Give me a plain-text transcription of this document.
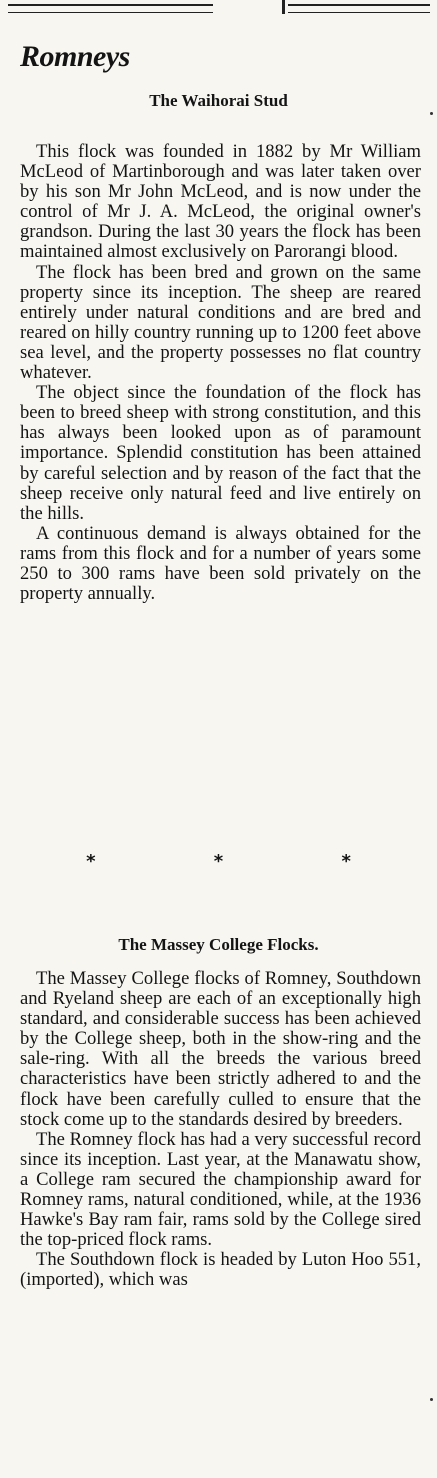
Romneys
The Waihorai Stud

This flock was founded in 1882 by Mr William McLeod of Martinborough and was later taken over by his son Mr John McLeod, and is now under the control of Mr J. A. McLeod, the original owner's grandson. During the last 30 years the flock has been maintained almost exclusively on Parorangi blood.

The flock has been bred and grown on the same property since its inception. The sheep are reared entirely under natural conditions and are bred and reared on hilly country running up to 1200 feet above sea level, and the property possesses no flat country whatever.

The object since the foundation of the flock has been to breed sheep with strong constitution, and this has always been looked upon as of paramount importance. Splendid constitution has been attained by careful selection and by reason of the fact that the sheep receive only natural feed and live entirely on the hills.

A continuous demand is always obtained for the rams from this flock and for a number of years some 250 to 300 rams have been sold privately on the property annually.

* * *
The Massey College Flocks.

The Massey College flocks of Romney, Southdown and Ryeland sheep are each of an exceptionally high standard, and considerable success has been achieved by the College sheep, both in the show-ring and the sale-ring. With all the breeds the various breed characteristics have been strictly adhered to and the flock have been carefully culled to ensure that the stock come up to the standards desired by breeders.

The Romney flock has had a very successful record since its inception. Last year, at the Manawatu show, a College ram secured the championship award for Romney rams, natural conditioned, while, at the 1936 Hawke's Bay ram fair, rams sold by the College sired the top-priced flock rams.

The Southdown flock is headed by Luton Hoo 551, (imported), which was
